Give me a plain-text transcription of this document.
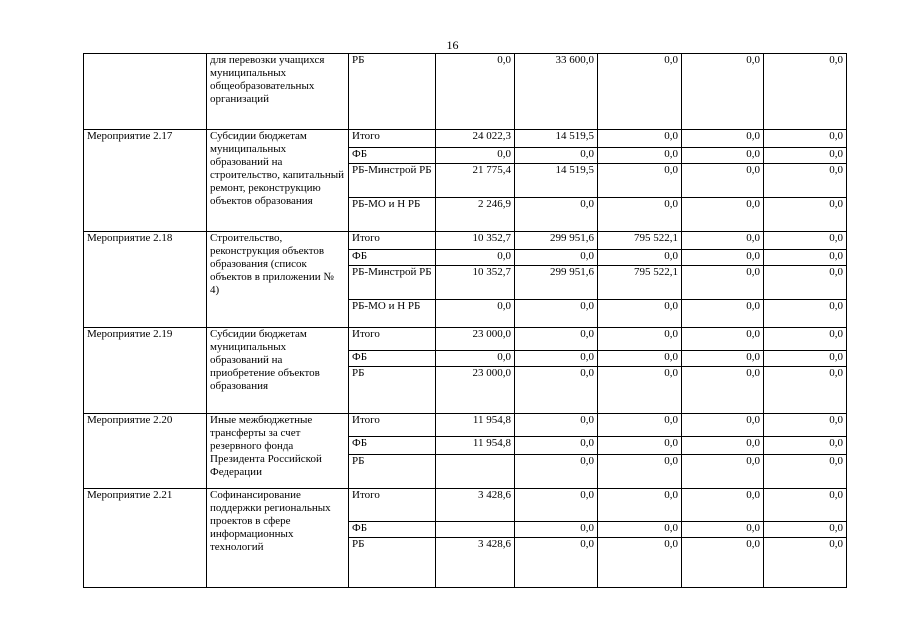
16
	для перевозки учащихся муниципальных общеобразовательных организаций	РБ	0,0	33 600,0	0,0	0,0	0,0
Мероприятие 2.17	Субсидии бюджетам муниципальных образований на строительство, капитальный ремонт, реконструкцию объектов образования	Итого	24 022,3	14 519,5	0,0	0,0	0,0
		ФБ	0,0	0,0	0,0	0,0	0,0
		РБ-Минстрой РБ	21 775,4	14 519,5	0,0	0,0	0,0
		РБ-МО и Н РБ	2 246,9	0,0	0,0	0,0	0,0
Мероприятие 2.18	Строительство, реконструкция объектов образования (список объектов в приложении № 4)	Итого	10 352,7	299 951,6	795 522,1	0,0	0,0
		ФБ	0,0	0,0	0,0	0,0	0,0
		РБ-Минстрой РБ	10 352,7	299 951,6	795 522,1	0,0	0,0
		РБ-МО и Н РБ	0,0	0,0	0,0	0,0	0,0
Мероприятие 2.19	Субсидии бюджетам муниципальных образований на приобретение объектов образования	Итого	23 000,0	0,0	0,0	0,0	0,0
		ФБ	0,0	0,0	0,0	0,0	0,0
		РБ	23 000,0	0,0	0,0	0,0	0,0
Мероприятие 2.20	Иные межбюджетные трансферты за счет резервного фонда Президента Российской Федерации	Итого	11 954,8	0,0	0,0	0,0	0,0
		ФБ	11 954,8	0,0	0,0	0,0	0,0
		РБ		0,0	0,0	0,0	0,0
Мероприятие 2.21	Софинансирование поддержки региональных проектов в сфере информационных технологий	Итого	3 428,6	0,0	0,0	0,0	0,0
		ФБ		0,0	0,0	0,0	0,0
		РБ	3 428,6	0,0	0,0	0,0	0,0
